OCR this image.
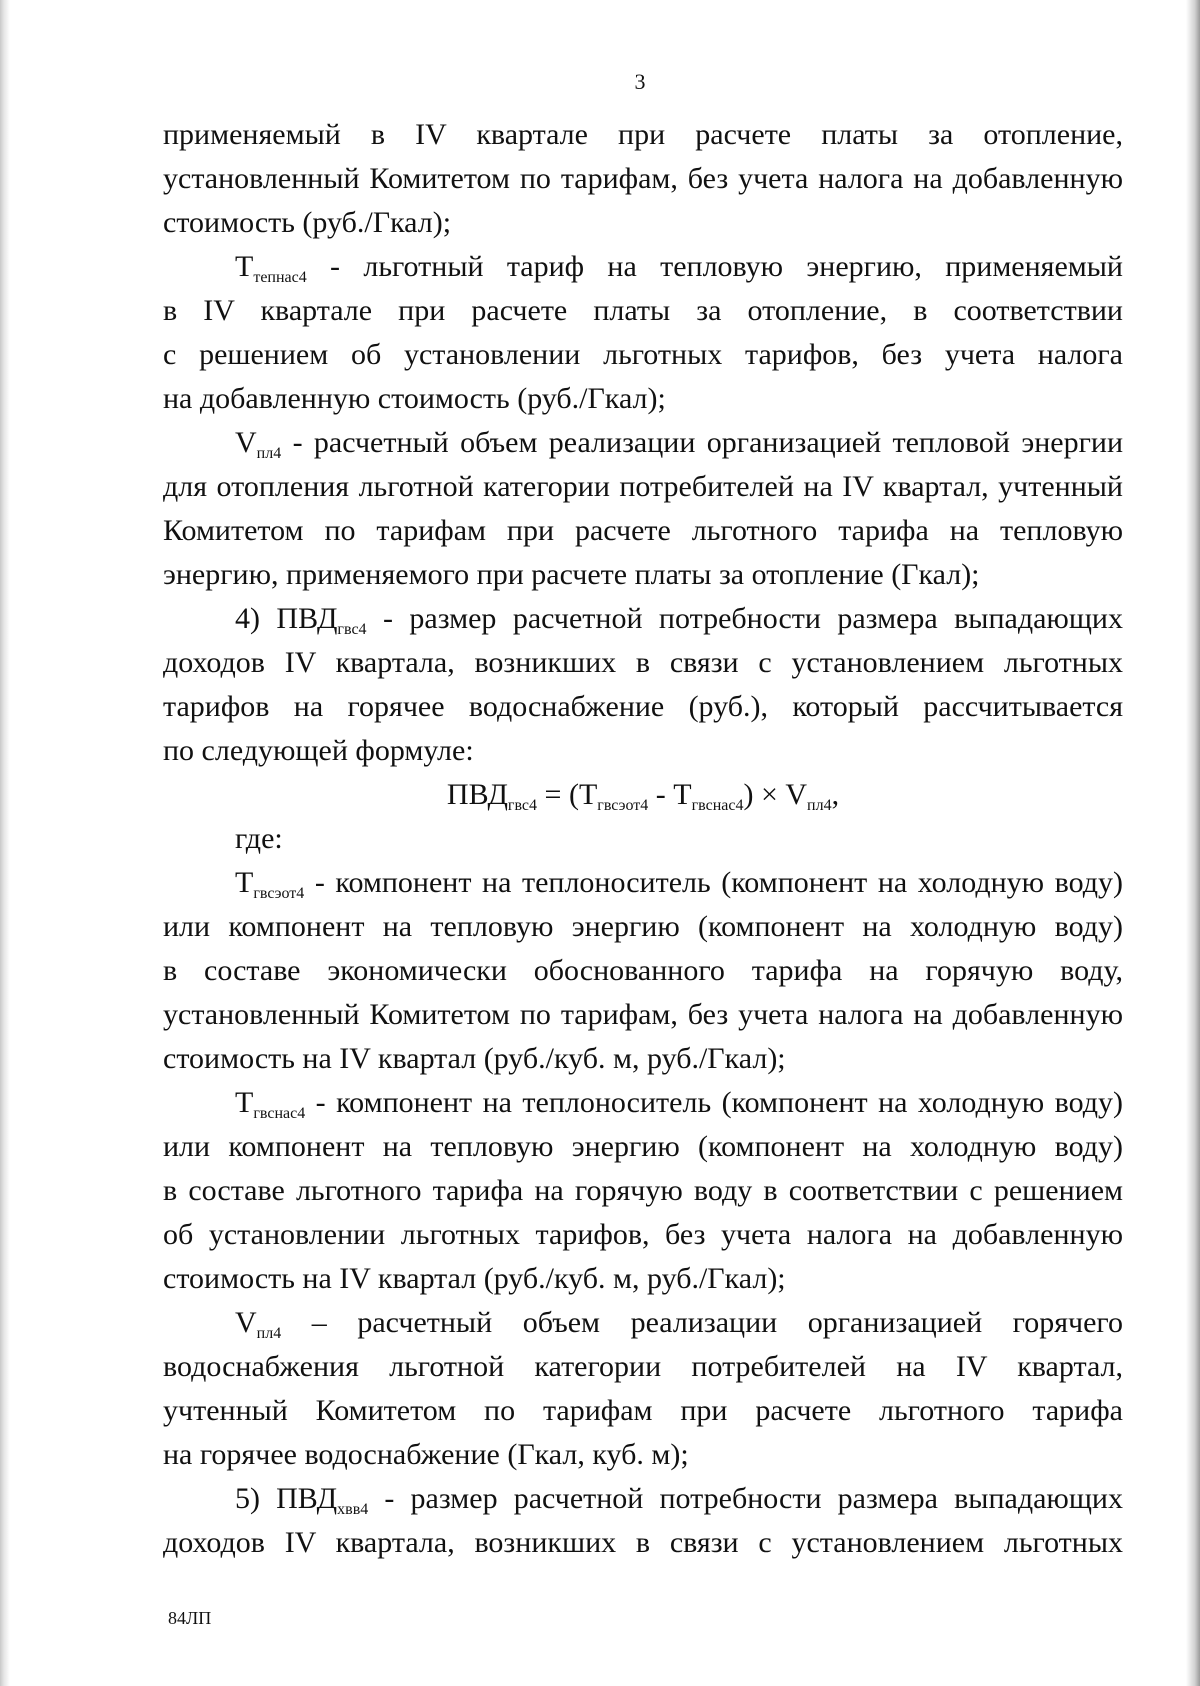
3
применяемый в IV квартале при расчете платы за отопление,
установленный Комитетом по тарифам, без учета налога на добавленную
стоимость (руб./Гкал);
$Т_{тепнас4}$ - льготный тариф на тепловую энергию, применяемый
в IV квартале при расчете платы за отопление, в соответствии
с решением об установлении льготных тарифов, без учета налога
на добавленную стоимость (руб./Гкал);
$V_{пл4}$ - расчетный объем реализации организацией тепловой энергии
для отопления льготной категории потребителей на IV квартал, учтенный
Комитетом по тарифам при расчете льготного тарифа на тепловую
энергию, применяемого при расчете платы за отопление (Гкал);
4) $ПВД_{гвс4}$ - размер расчетной потребности размера выпадающих
доходов IV квартала, возникших в связи с установлением льготных
тарифов на горячее водоснабжение (руб.), который рассчитывается
по следующей формуле:
$ПВД_{гвс4} = (Т_{гвсэот4} - Т_{гвснас4}) \times V_{пл4}$,
где:
$Т_{гвсэот4}$ - компонент на теплоноситель (компонент на холодную воду)
или компонент на тепловую энергию (компонент на холодную воду)
в составе экономически обоснованного тарифа на горячую воду,
установленный Комитетом по тарифам, без учета налога на добавленную
стоимость на IV квартал (руб./куб. м, руб./Гкал);
$Т_{гвснас4}$ - компонент на теплоноситель (компонент на холодную воду)
или компонент на тепловую энергию (компонент на холодную воду)
в составе льготного тарифа на горячую воду в соответствии с решением
об установлении льготных тарифов, без учета налога на добавленную
стоимость на IV квартал (руб./куб. м, руб./Гкал);
$V_{пл4}$ – расчетный объем реализации организацией горячего
водоснабжения льготной категории потребителей на IV квартал,
учтенный Комитетом по тарифам при расчете льготного тарифа
на горячее водоснабжение (Гкал, куб. м);
5) $ПВД_{хвв4}$ - размер расчетной потребности размера выпадающих
доходов IV квартала, возникших в связи с установлением льготных
84ЛП
